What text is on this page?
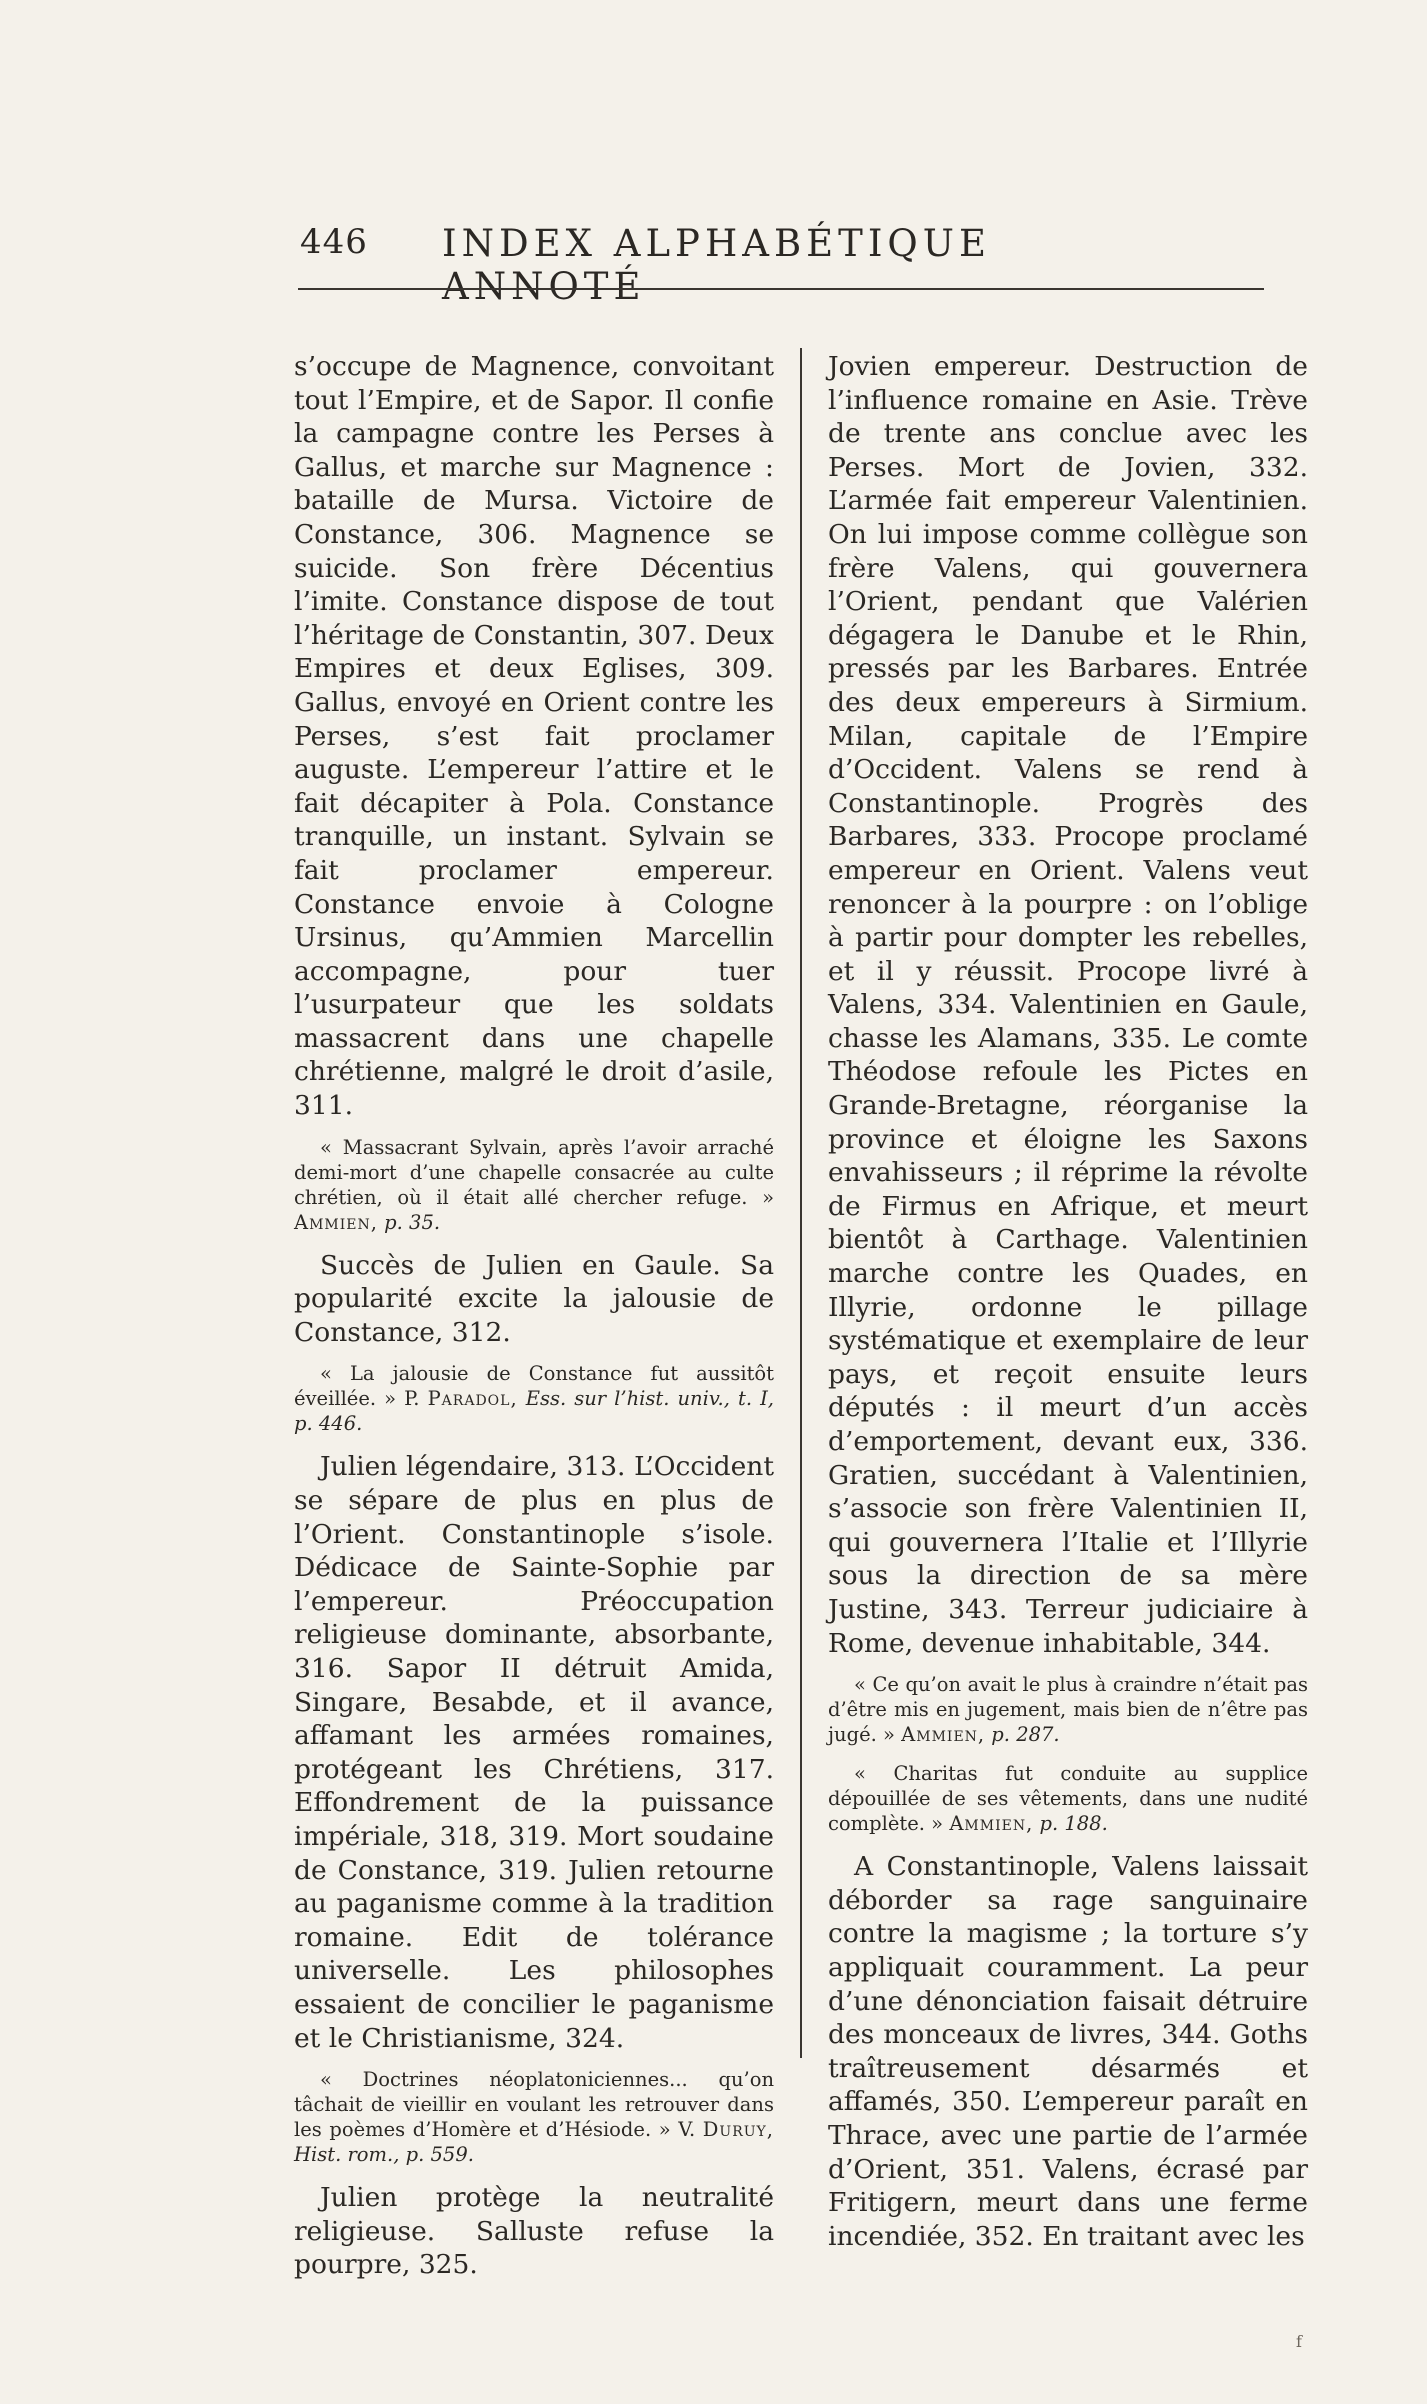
446 INDEX ALPHABÉTIQUE ANNOTÉ

s’occupe de Magnence, convoitant tout l’Empire, et de Sapor. Il confie la campagne contre les Perses à Gallus, et marche sur Magnence : bataille de Mursa. Victoire de Constance, 306. Magnence se suicide. Son frère Décentius l’imite. Constance dispose de tout l’héritage de Constantin, 307. Deux Empires et deux Eglises, 309. Gallus, envoyé en Orient contre les Perses, s’est fait proclamer auguste. L’empereur l’attire et le fait décapiter à Pola. Constance tranquille, un instant. Sylvain se fait proclamer empereur. Constance envoie à Cologne Ursinus, qu’Ammien Marcellin accompagne, pour tuer l’usurpateur que les soldats massacrent dans une chapelle chrétienne, malgré le droit d’asile, 311.

« Massacrant Sylvain, après l’avoir arraché demi-mort d’une chapelle consacrée au culte chrétien, où il était allé chercher refuge. » Ammien, p. 35.

Succès de Julien en Gaule. Sa popularité excite la jalousie de Constance, 312.

« La jalousie de Constance fut aussitôt éveillée. » P. Paradol, Ess. sur l’hist. univ., t. I, p. 446.

Julien légendaire, 313. L’Occident se sépare de plus en plus de l’Orient. Constantinople s’isole. Dédicace de Sainte-Sophie par l’empereur. Préoccupation religieuse dominante, absorbante, 316. Sapor II détruit Amida, Singare, Besabde, et il avance, affamant les armées romaines, protégeant les Chrétiens, 317. Effondrement de la puissance impériale, 318, 319. Mort soudaine de Constance, 319. Julien retourne au paganisme comme à la tradition romaine. Edit de tolérance universelle. Les philosophes essaient de concilier le paganisme et le Christianisme, 324.

« Doctrines néoplatoniciennes... qu’on tâchait de vieillir en voulant les retrouver dans les poèmes d’Homère et d’Hésiode. » V. Duruy, Hist. rom., p. 559.

Julien protège la neutralité religieuse. Salluste refuse la pourpre, 325.

Jovien empereur. Destruction de l’influence romaine en Asie. Trève de trente ans conclue avec les Perses. Mort de Jovien, 332. L’armée fait empereur Valentinien. On lui impose comme collègue son frère Valens, qui gouvernera l’Orient, pendant que Valérien dégagera le Danube et le Rhin, pressés par les Barbares. Entrée des deux empereurs à Sirmium. Milan, capitale de l’Empire d’Occident. Valens se rend à Constantinople. Progrès des Barbares, 333. Procope proclamé empereur en Orient. Valens veut renoncer à la pourpre : on l’oblige à partir pour dompter les rebelles, et il y réussit. Procope livré à Valens, 334. Valentinien en Gaule, chasse les Alamans, 335. Le comte Théodose refoule les Pictes en Grande-Bretagne, réorganise la province et éloigne les Saxons envahisseurs ; il réprime la révolte de Firmus en Afrique, et meurt bientôt à Carthage. Valentinien marche contre les Quades, en Illyrie, ordonne le pillage systématique et exemplaire de leur pays, et reçoit ensuite leurs députés : il meurt d’un accès d’emportement, devant eux, 336. Gratien, succédant à Valentinien, s’associe son frère Valentinien II, qui gouvernera l’Italie et l’Illyrie sous la direction de sa mère Justine, 343. Terreur judiciaire à Rome, devenue inhabitable, 344.

« Ce qu’on avait le plus à craindre n’était pas d’être mis en jugement, mais bien de n’être pas jugé. » Ammien, p. 287.

« Charitas fut conduite au supplice dépouillée de ses vêtements, dans une nudité complète. » Ammien, p. 188.

A Constantinople, Valens laissait déborder sa rage sanguinaire contre la magisme ; la torture s’y appliquait couramment. La peur d’une dénonciation faisait détruire des monceaux de livres, 344. Goths traîtreusement désarmés et affamés, 350. L’empereur paraît en Thrace, avec une partie de l’armée d’Orient, 351. Valens, écrasé par Fritigern, meurt dans une ferme incendiée, 352. En traitant avec les

f
